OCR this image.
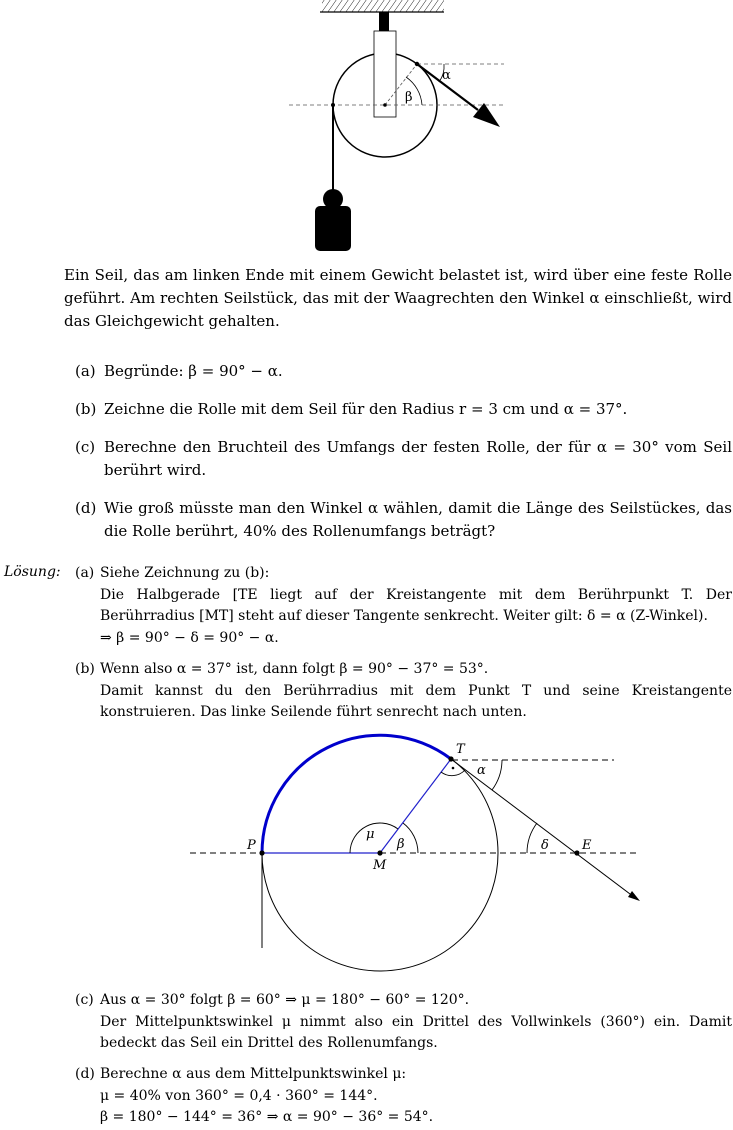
α
β
Ein Seil, das am linken Ende mit einem Gewicht belastet ist, wird über eine feste Rolle geführt. Am rechten Seilstück, das mit der Waagrechten den Winkel α einschließt, wird das Gleichgewicht gehalten.
(a) Begründe: β = 90° − α.
(b) Zeichne die Rolle mit dem Seil für den Radius r = 3 cm und α = 37°.
(c) Berechne den Bruchteil des Umfangs der festen Rolle, der für α = 30° vom Seil berührt wird.
(d) Wie groß müsste man den Winkel α wählen, damit die Länge des Seilstückes, das die Rolle berührt, 40% des Rollenumfangs beträgt?
Lösung: (a) Siehe Zeichnung zu (b):
Die Halbgerade [TE liegt auf der Kreistangente mit dem Berührpunkt T. Der Berührradius [MT] steht auf dieser Tangente senkrecht. Weiter gilt: δ = α (Z-Winkel).
⇒ β = 90° − δ = 90° − α.
(b) Wenn also α = 37° ist, dann folgt β = 90° − 37° = 53°.
Damit kannst du den Berührradius mit dem Punkt T und seine Kreistangente konstruieren. Das linke Seilende führt senrecht nach unten.
μ
β
α
δ
T
P
M
E
(c) Aus α = 30° folgt β = 60° ⇒ μ = 180° − 60° = 120°.
Der Mittelpunktswinkel μ nimmt also ein Drittel des Vollwinkels (360°) ein. Damit bedeckt das Seil ein Drittel des Rollenumfangs.
(d) Berechne α aus dem Mittelpunktswinkel μ:
μ = 40% von 360° = 0,4 · 360° = 144°.
β = 180° − 144° = 36° ⇒ α = 90° − 36° = 54°.
